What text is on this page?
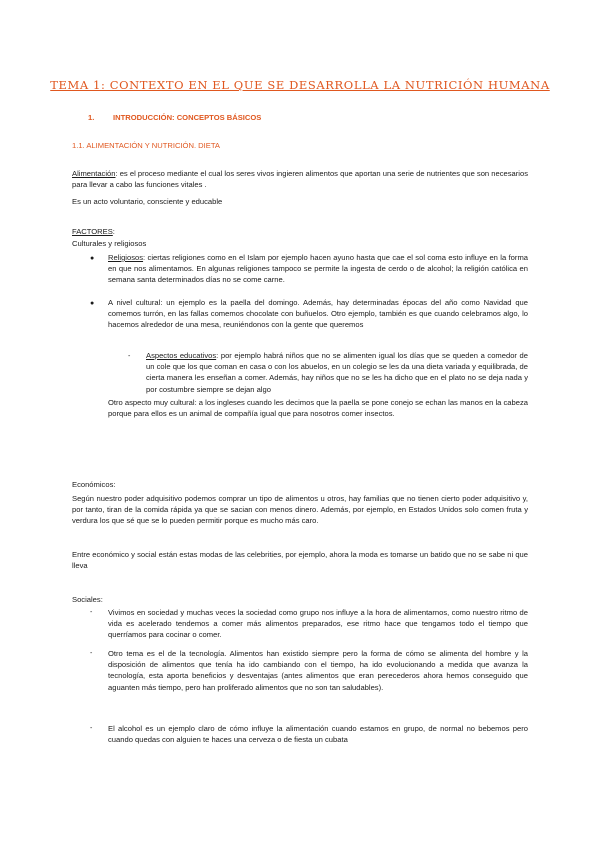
TEMA 1: CONTEXTO EN EL QUE SE DESARROLLA LA NUTRICIÓN HUMANA
1. INTRODUCCIÓN: CONCEPTOS BÁSICOS
1.1. ALIMENTACIÓN Y NUTRICIÓN. DIETA

Alimentación: es el proceso mediante el cual los seres vivos ingieren alimentos que aportan una serie de nutrientes que son necesarios para llevar a cabo las funciones vitales .

Es un acto voluntario, consciente y educable
FACTORES:
Culturales y religiosos
● Religiosos: ciertas religiones como en el Islam por ejemplo hacen ayuno hasta que cae el sol coma esto influye en la forma en que nos alimentamos. En algunas religiones tampoco se permite la ingesta de cerdo o de alcohol; la religión católica en semana santa determinados días no se come carne.

● A nivel cultural: un ejemplo es la paella del domingo. Además, hay determinadas épocas del año como Navidad que comemos turrón, en las fallas comemos chocolate con buñuelos. Otro ejemplo, también es que cuando celebramos algo, lo hacemos alrededor de una mesa, reuniéndonos con la gente que queremos
- Aspectos educativos: por ejemplo habrá niños que no se alimenten igual los días que se queden a comedor de un cole que los que coman en casa o con los abuelos, en un colegio se les da una dieta variada y equilibrada, de cierta manera les enseñan a comer. Además, hay niños que no se les ha dicho que en el plato no se deja nada y por costumbre siempre se dejan algo

Otro aspecto muy cultural: a los ingleses cuando les decimos que la paella se pone conejo se echan las manos en la cabeza porque para ellos es un animal de compañía igual que para nosotros comer insectos.
Económicos:
Según nuestro poder adquisitivo podemos comprar un tipo de alimentos u otros, hay familias que no tienen cierto poder adquisitivo y, por tanto, tiran de la comida rápida ya que se sacian con menos dinero. Además, por ejemplo, en Estados Unidos solo comen fruta y verdura los que sé que se lo pueden permitir porque es mucho más caro.
Entre económico y social están estas modas de las celebrities, por ejemplo, ahora la moda es tomarse un batido que no se sabe ni que lleva
Sociales:
- Vivimos en sociedad y muchas veces la sociedad como grupo nos influye a la hora de alimentarnos, como nuestro ritmo de vida es acelerado tendemos a comer más alimentos preparados, ese ritmo hace que tengamos todo el tiempo que querríamos para cocinar o comer.
- Otro tema es el de la tecnología. Alimentos han existido siempre pero la forma de cómo se alimenta del hombre y la disposición de alimentos que tenía ha ido cambiando con el tiempo, ha ido evolucionando a medida que avanza la tecnología, esta aporta beneficios y desventajas (antes alimentos que eran perecederos ahora hemos conseguido que aguanten más tiempo, pero han proliferado alimentos que no son tan saludables).
- El alcohol es un ejemplo claro de cómo influye la alimentación cuando estamos en grupo, de normal no bebemos pero cuando quedas con alguien te haces una cerveza o de fiesta un cubata
